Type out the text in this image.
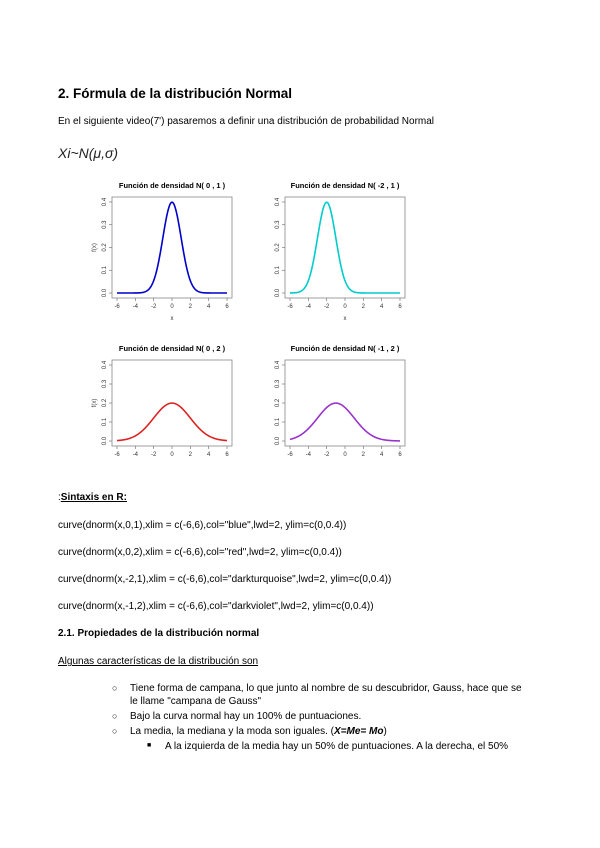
2. Fórmula de la distribución Normal
En el siguiente video(7') pasaremos a definir una distribución de probabilidad Normal
Xi~N(μ,σ)
Función de densidad N( 0 , 1 )
-6 -4 -2 0 2 4 6
0.0
0.1
0.2
0.3
0.4
x
f(x)
Función de densidad N( -2 , 1 )
-6 -4 -2 0 2 4 6
0.0
0.1
0.2
0.3
0.4
x
Función de densidad N( 0 , 2 )
-6 -4 -2 0 2 4 6
0.0
0.1
0.2
0.3
0.4
f(x)
Función de densidad N( -1 , 2 )
-6 -4 -2 0 2 4 6
0.0
0.1
0.2
0.3
0.4
:Sintaxis en R:
curve(dnorm(x,0,1),xlim = c(-6,6),col="blue",lwd=2, ylim=c(0,0.4))
curve(dnorm(x,0,2),xlim = c(-6,6),col="red",lwd=2, ylim=c(0,0.4))
curve(dnorm(x,-2,1),xlim = c(-6,6),col="darkturquoise",lwd=2, ylim=c(0,0.4))
curve(dnorm(x,-1,2),xlim = c(-6,6),col="darkviolet",lwd=2, ylim=c(0,0.4))
2.1. Propiedades de la distribución normal
Algunas características de la distribución son
○ Tiene forma de campana, lo que junto al nombre de su descubridor, Gauss, hace que se le llame "campana de Gauss"
○ Bajo la curva normal hay un 100% de puntuaciones.
○ La media, la mediana y la moda son iguales. (X=Me= Mo)
■ A la izquierda de la media hay un 50% de puntuaciones. A la derecha, el 50%
